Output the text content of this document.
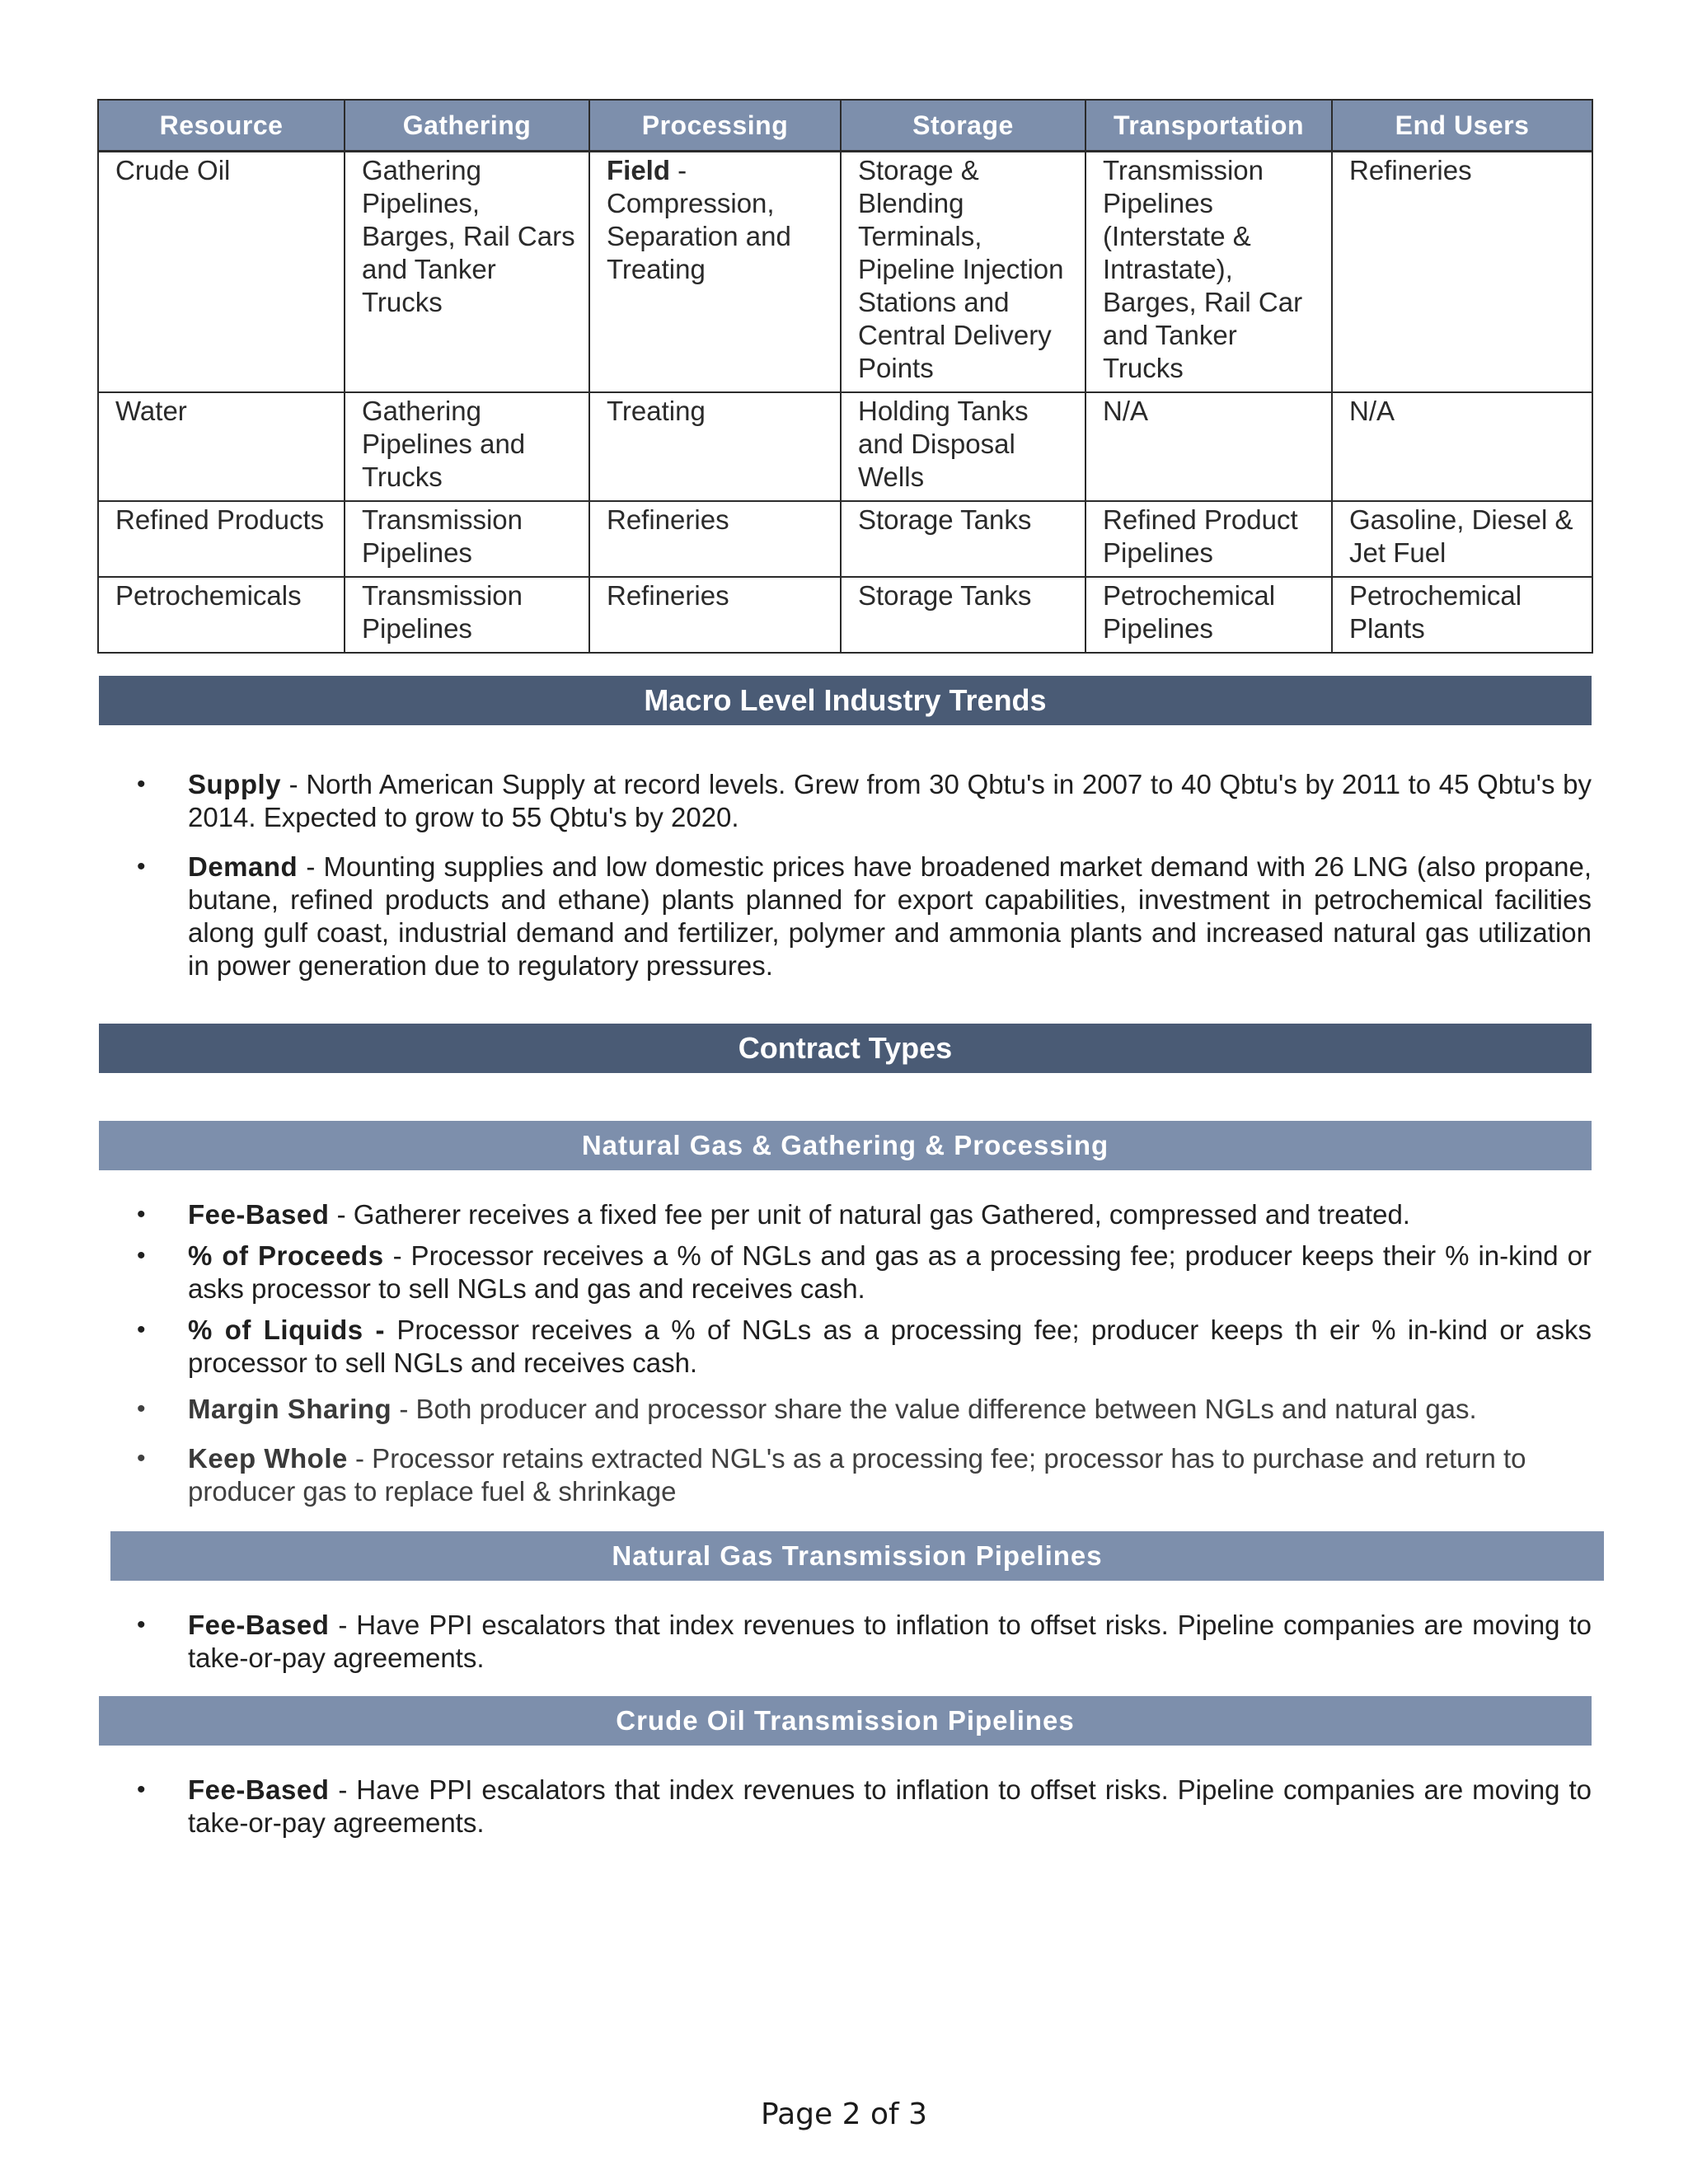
Resource	Gathering	Processing	Storage	Transportation	End Users
Crude Oil	Gathering Pipelines, Barges, Rail Cars and Tanker Trucks	Field - Compression, Separation and Treating	Storage & Blending Terminals, Pipeline Injection Stations and Central Delivery Points	Transmission Pipelines (Interstate & Intrastate), Barges, Rail Car and Tanker Trucks	Refineries
Water	Gathering Pipelines and Trucks	Treating	Holding Tanks and Disposal Wells	N/A	N/A
Refined Products	Transmission Pipelines	Refineries	Storage Tanks	Refined Product Pipelines	Gasoline, Diesel & Jet Fuel
Petrochemicals	Transmission Pipelines	Refineries	Storage Tanks	Petrochemical Pipelines	Petrochemical Plants
Macro Level Industry Trends
• Supply - North American Supply at record levels. Grew from 30 Qbtu's in 2007 to 40 Qbtu's by 2011 to 45 Qbtu's by 2014. Expected to grow to 55 Qbtu's by 2020.
• Demand - Mounting supplies and low domestic prices have broadened market demand with 26 LNG (also propane, butane, refined products and ethane) plants planned for export capabilities, investment in petrochemical facilities along gulf coast, industrial demand and fertilizer, polymer and ammonia plants and increased natural gas utilization in power generation due to regulatory pressures.
Contract Types
Natural Gas & Gathering & Processing
• Fee-Based - Gatherer receives a fixed fee per unit of natural gas Gathered, compressed and treated.
• % of Proceeds - Processor receives a % of NGLs and gas as a processing fee; producer keeps their % in-kind or asks processor to sell NGLs and gas and receives cash.
• % of Liquids - Processor receives a % of NGLs as a processing fee; producer keeps th eir % in-kind or asks processor to sell NGLs and receives cash.
• Margin Sharing - Both producer and processor share the value difference between NGLs and natural gas.
• Keep Whole - Processor retains extracted NGL's as a processing fee; processor has to purchase and return to producer gas to replace fuel & shrinkage
Natural Gas Transmission Pipelines
• Fee-Based - Have PPI escalators that index revenues to inflation to offset risks. Pipeline companies are moving to take-or-pay agreements.
Crude Oil Transmission Pipelines
• Fee-Based - Have PPI escalators that index revenues to inflation to offset risks. Pipeline companies are moving to take-or-pay agreements.
Page 2 of 3
